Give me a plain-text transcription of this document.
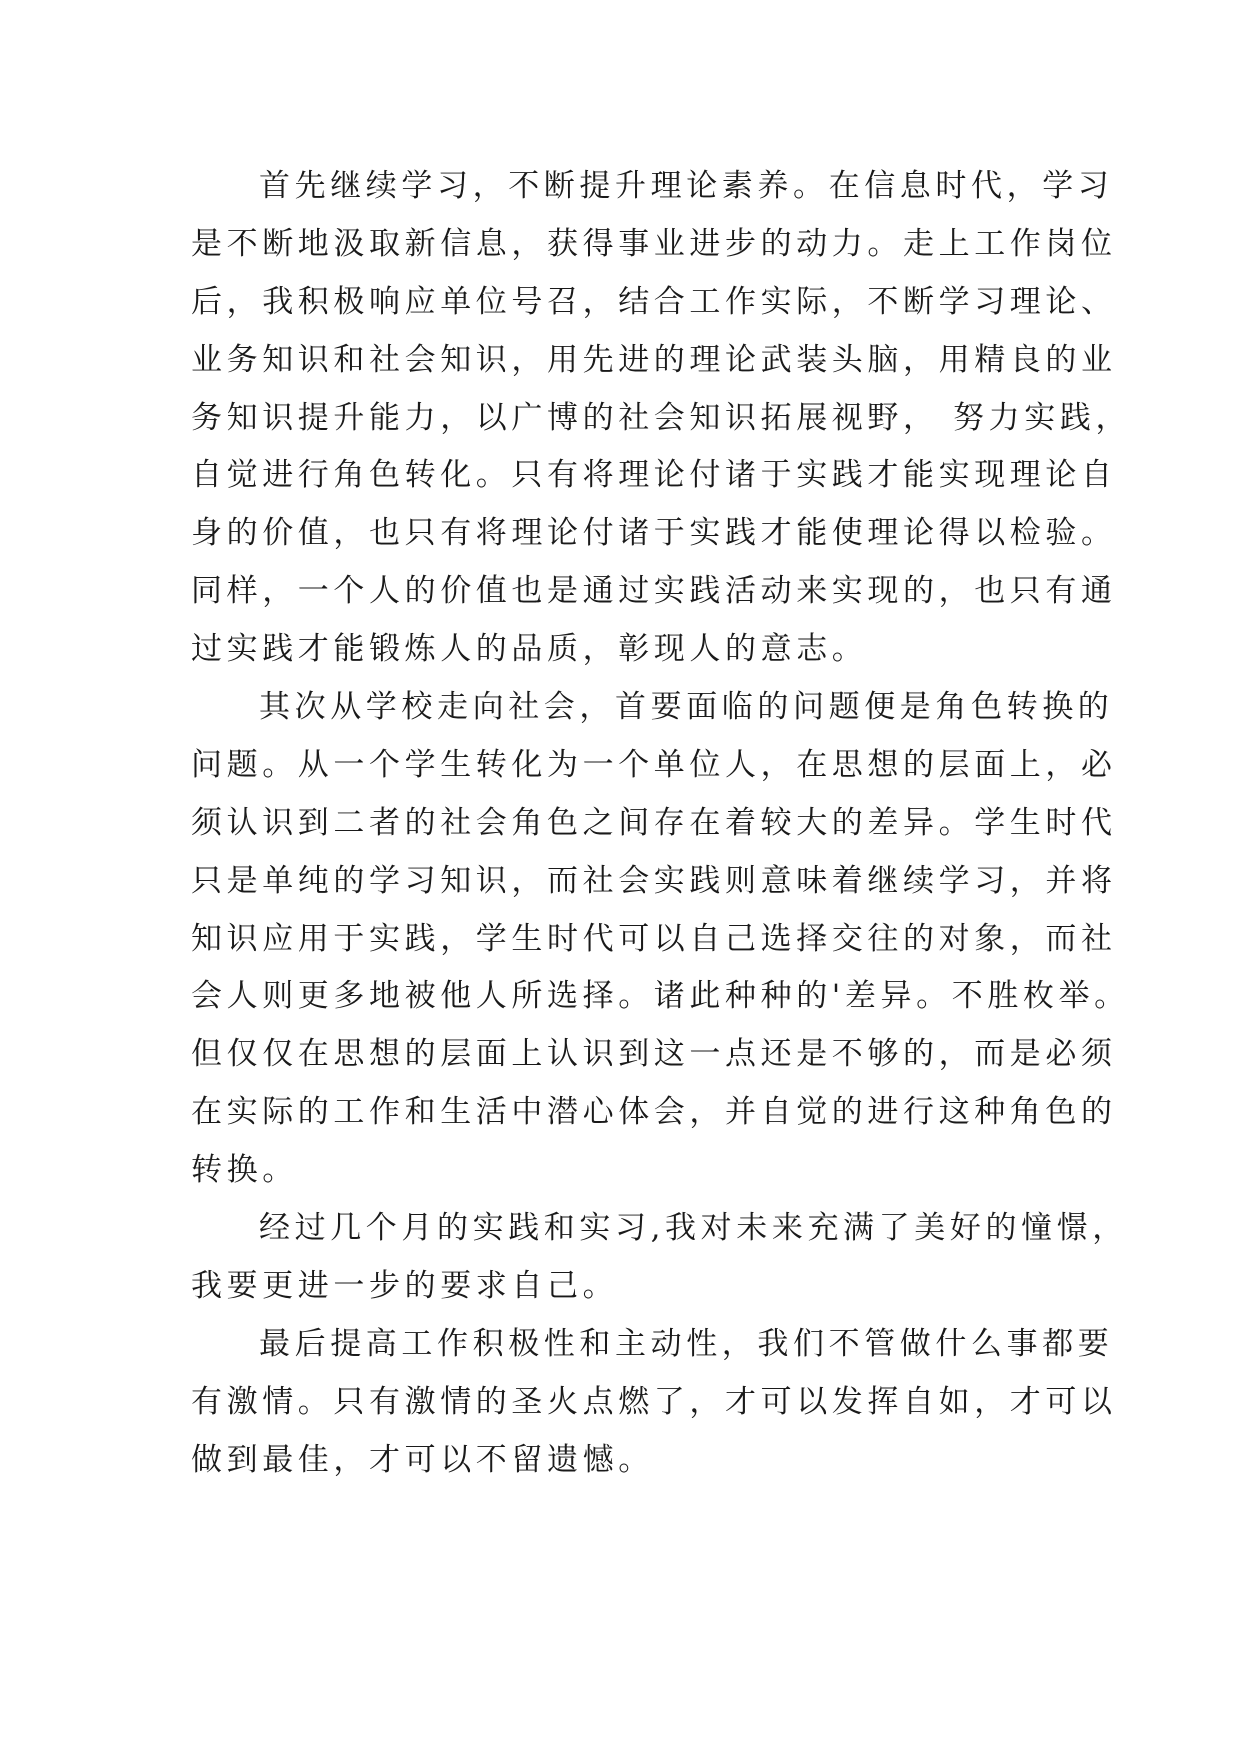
首先继续学习，不断提升理论素养。在信息时代，学习
是不断地汲取新信息，获得事业进步的动力。走上工作岗位
后，我积极响应单位号召，结合工作实际，不断学习理论、
业务知识和社会知识，用先进的理论武装头脑，用精良的业
务知识提升能力，以广博的社会知识拓展视野， 努力实践，
自觉进行角色转化。只有将理论付诸于实践才能实现理论自
身的价值，也只有将理论付诸于实践才能使理论得以检验。
同样，一个人的价值也是通过实践活动来实现的，也只有通
过实践才能锻炼人的品质，彰现人的意志。
其次从学校走向社会，首要面临的问题便是角色转换的
问题。从一个学生转化为一个单位人，在思想的层面上，必
须认识到二者的社会角色之间存在着较大的差异。学生时代
只是单纯的学习知识，而社会实践则意味着继续学习，并将
知识应用于实践，学生时代可以自己选择交往的对象，而社
会人则更多地被他人所选择。诸此种种的'差异。不胜枚举。
但仅仅在思想的层面上认识到这一点还是不够的，而是必须
在实际的工作和生活中潜心体会，并自觉的进行这种角色的
转换。
经过几个月的实践和实习,我对未来充满了美好的憧憬，
我要更进一步的要求自己。
最后提高工作积极性和主动性，我们不管做什么事都要
有激情。只有激情的圣火点燃了，才可以发挥自如，才可以
做到最佳，才可以不留遗憾。
